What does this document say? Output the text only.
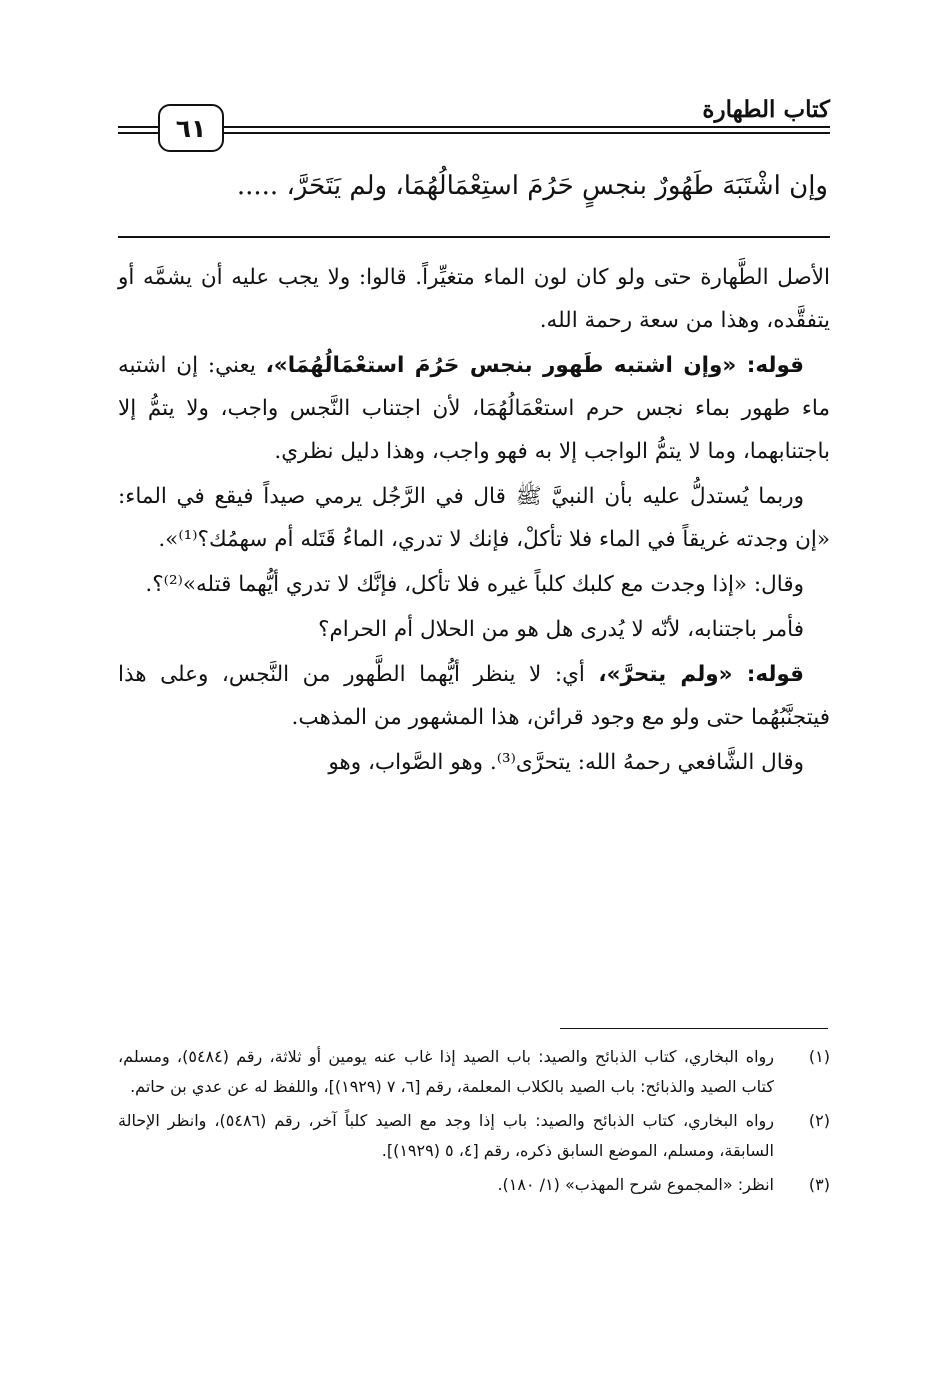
كتاب الطهارة
٦١
وإن اشْتَبَهَ طَهُورٌ بنجسٍ حَرُمَ استِعْمَالُهُمَا، ولم يَتَحَرَّ، .....

الأصل الطَّهارة حتى ولو كان لون الماء متغيِّراً. قالوا: ولا يجب عليه أن يشمَّه أو يتفقَّده، وهذا من سعة رحمة الله.

قوله: «وإن اشتبه طَهور بنجس حَرُمَ استعْمَالُهُمَا»، يعني: إن اشتبه ماء طهور بماء نجس حرم استعْمَالُهُمَا، لأن اجتناب النَّجس واجب، ولا يتمُّ إلا باجتنابهما، وما لا يتمُّ الواجب إلا به فهو واجب، وهذا دليل نظري.

وربما يُستدلُّ عليه بأن النبيَّ ﷺ قال في الرَّجُل يرمي صيداً فيقع في الماء: «إن وجدته غريقاً في الماء فلا تأكلْ، فإنك لا تدري، الماءُ قَتَله أم سهمُك؟⁽¹⁾».

وقال: «إذا وجدت مع كلبك كلباً غيره فلا تأكل، فإنَّك لا تدري أيُّهما قتله»⁽²⁾؟.

فأمر باجتنابه، لأنّه لا يُدرى هل هو من الحلال أم الحرام؟

قوله: «ولم يتحرَّ»، أي: لا ينظر أيُّهما الطَّهور من النَّجس، وعلى هذا فيتجنَّبُهُما حتى ولو مع وجود قرائن، هذا المشهور من المذهب.

وقال الشَّافعي رحمهُ الله: يتحرَّى⁽³⁾. وهو الصَّواب، وهو

(١)
رواه البخاري، كتاب الذبائح والصيد: باب الصيد إذا غاب عنه يومين أو ثلاثة، رقم (٥٤٨٤)، ومسلم، كتاب الصيد والذبائح: باب الصيد بالكلاب المعلمة، رقم [٦، ٧ (١٩٢٩)]، واللفظ له عن عدي بن حاتم.
(٢)
رواه البخاري، كتاب الذبائح والصيد: باب إذا وجد مع الصيد كلباً آخر، رقم (٥٤٨٦)، وانظر الإحالة السابقة، ومسلم، الموضع السابق ذكره، رقم [٤، ٥ (١٩٢٩)].
(٣)
انظر: «المجموع شرح المهذب» (١/ ١٨٠).
